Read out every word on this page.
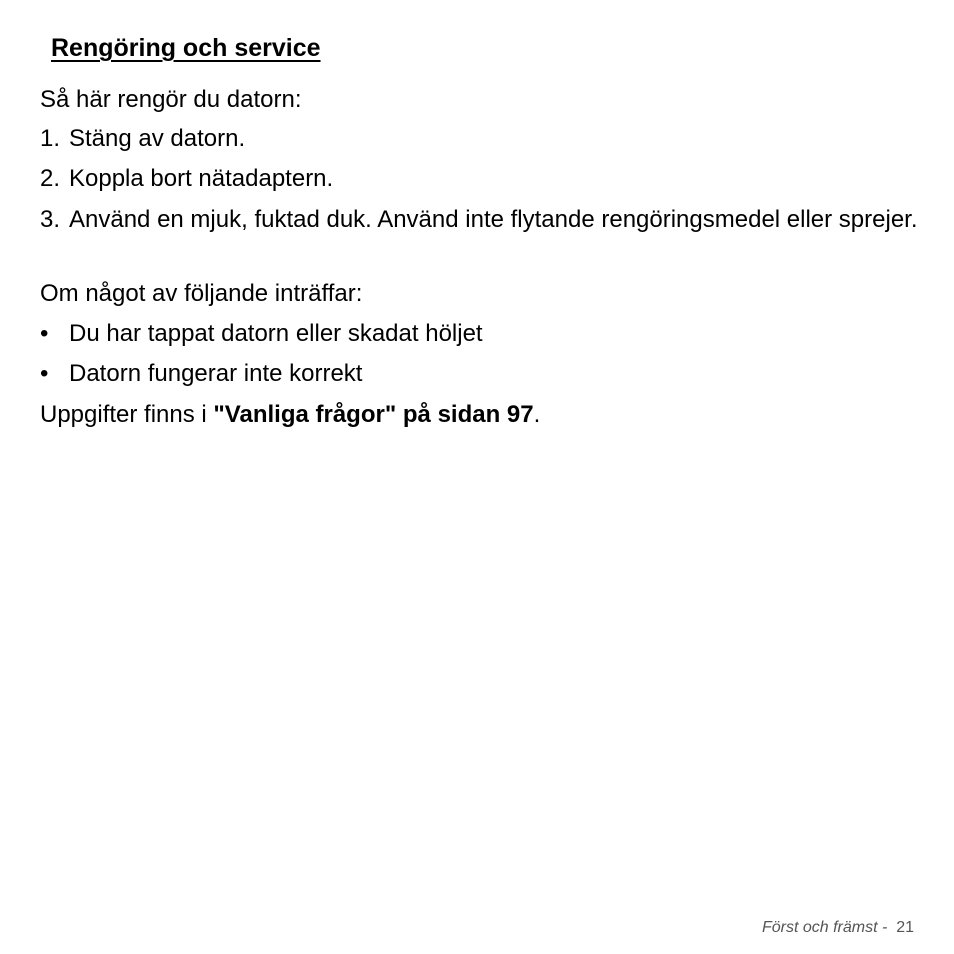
Rengöring och service
Så här rengör du datorn:
1. Stäng av datorn.
2. Koppla bort nätadaptern.
3. Använd en mjuk, fuktad duk. Använd inte flytande rengöringsmedel eller sprejer.
Om något av följande inträffar:
• Du har tappat datorn eller skadat höljet
• Datorn fungerar inte korrekt
Uppgifter finns i "Vanliga frågor" på sidan 97.
Först och främst -  21
